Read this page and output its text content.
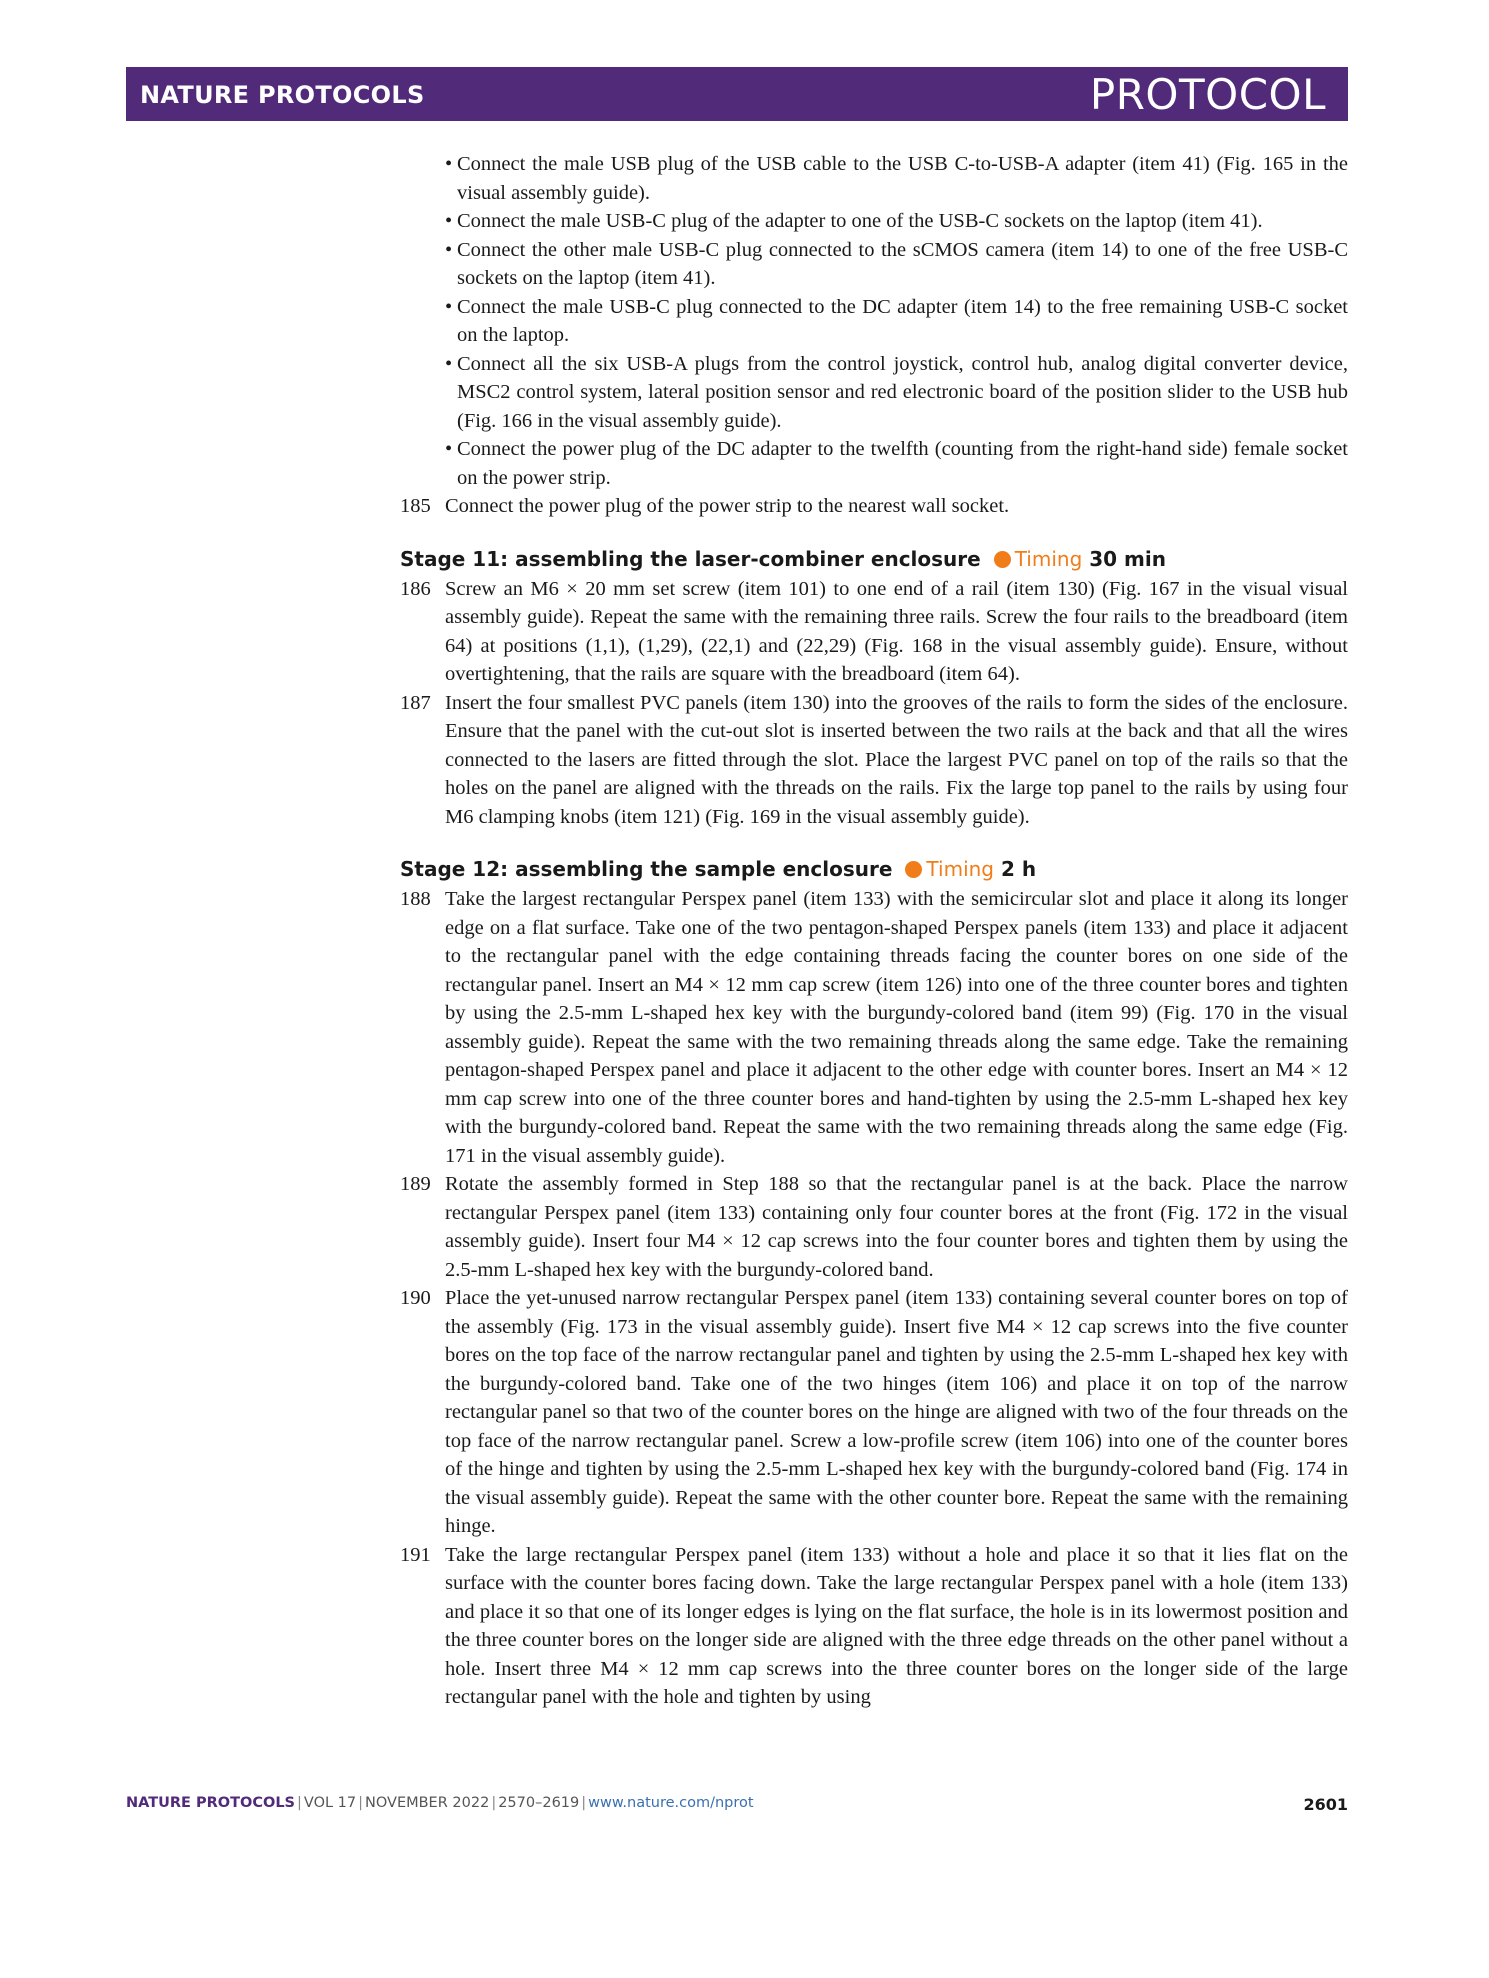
NATURE PROTOCOLS	PROTOCOL
• Connect the male USB plug of the USB cable to the USB C-to-USB-A adapter (item 41) (Fig. 165 in the visual assembly guide).
• Connect the male USB-C plug of the adapter to one of the USB-C sockets on the laptop (item 41).
• Connect the other male USB-C plug connected to the sCMOS camera (item 14) to one of the free USB-C sockets on the laptop (item 41).
• Connect the male USB-C plug connected to the DC adapter (item 14) to the free remaining USB-C socket on the laptop.
• Connect all the six USB-A plugs from the control joystick, control hub, analog digital converter device, MSC2 control system, lateral position sensor and red electronic board of the position slider to the USB hub (Fig. 166 in the visual assembly guide).
• Connect the power plug of the DC adapter to the twelfth (counting from the right-hand side) female socket on the power strip.
185 Connect the power plug of the power strip to the nearest wall socket.
Stage 11: assembling the laser-combiner enclosure Timing 30 min
186 Screw an M6 × 20 mm set screw (item 101) to one end of a rail (item 130) (Fig. 167 in the visual visual assembly guide). Repeat the same with the remaining three rails. Screw the four rails to the breadboard (item 64) at positions (1,1), (1,29), (22,1) and (22,29) (Fig. 168 in the visual assembly guide). Ensure, without overtightening, that the rails are square with the breadboard (item 64).
187 Insert the four smallest PVC panels (item 130) into the grooves of the rails to form the sides of the enclosure. Ensure that the panel with the cut-out slot is inserted between the two rails at the back and that all the wires connected to the lasers are fitted through the slot. Place the largest PVC panel on top of the rails so that the holes on the panel are aligned with the threads on the rails. Fix the large top panel to the rails by using four M6 clamping knobs (item 121) (Fig. 169 in the visual assembly guide).
Stage 12: assembling the sample enclosure Timing 2 h
188 Take the largest rectangular Perspex panel (item 133) with the semicircular slot and place it along its longer edge on a flat surface. Take one of the two pentagon-shaped Perspex panels (item 133) and place it adjacent to the rectangular panel with the edge containing threads facing the counter bores on one side of the rectangular panel. Insert an M4 × 12 mm cap screw (item 126) into one of the three counter bores and tighten by using the 2.5-mm L-shaped hex key with the burgundy-colored band (item 99) (Fig. 170 in the visual assembly guide). Repeat the same with the two remaining threads along the same edge. Take the remaining pentagon-shaped Perspex panel and place it adjacent to the other edge with counter bores. Insert an M4 × 12 mm cap screw into one of the three counter bores and hand-tighten by using the 2.5-mm L-shaped hex key with the burgundy-colored band. Repeat the same with the two remaining threads along the same edge (Fig. 171 in the visual assembly guide).
189 Rotate the assembly formed in Step 188 so that the rectangular panel is at the back. Place the narrow rectangular Perspex panel (item 133) containing only four counter bores at the front (Fig. 172 in the visual assembly guide). Insert four M4 × 12 cap screws into the four counter bores and tighten them by using the 2.5-mm L-shaped hex key with the burgundy-colored band.
190 Place the yet-unused narrow rectangular Perspex panel (item 133) containing several counter bores on top of the assembly (Fig. 173 in the visual assembly guide). Insert five M4 × 12 cap screws into the five counter bores on the top face of the narrow rectangular panel and tighten by using the 2.5-mm L-shaped hex key with the burgundy-colored band. Take one of the two hinges (item 106) and place it on top of the narrow rectangular panel so that two of the counter bores on the hinge are aligned with two of the four threads on the top face of the narrow rectangular panel. Screw a low-profile screw (item 106) into one of the counter bores of the hinge and tighten by using the 2.5-mm L-shaped hex key with the burgundy-colored band (Fig. 174 in the visual assembly guide). Repeat the same with the other counter bore. Repeat the same with the remaining hinge.
191 Take the large rectangular Perspex panel (item 133) without a hole and place it so that it lies flat on the surface with the counter bores facing down. Take the large rectangular Perspex panel with a hole (item 133) and place it so that one of its longer edges is lying on the flat surface, the hole is in its lowermost position and the three counter bores on the longer side are aligned with the three edge threads on the other panel without a hole. Insert three M4 × 12 mm cap screws into the three counter bores on the longer side of the large rectangular panel with the hole and tighten by using
NATURE PROTOCOLS | VOL 17 | NOVEMBER 2022 | 2570–2619 | www.nature.com/nprot	2601
